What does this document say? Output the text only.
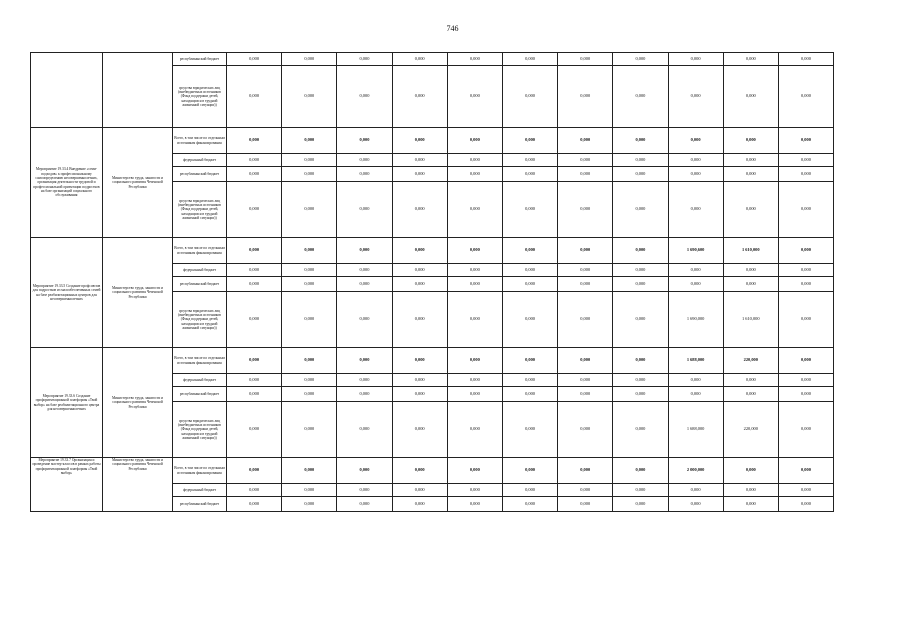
746
		республиканский бюджет	0,000	0,000	0,000	0,000	0,000	0,000	0,000	0,000	0,000	0,000	0,000
		средства юридических лиц (внебюджетных источников (Фонд поддержки детей, находящихся в трудной жизненной ситуации))	0,000	0,000	0,000	0,000	0,000	0,000	0,000	0,000	0,000	0,000	0,000
Мероприятие 19.33.4 Внедрение «семи-подходов» к профессиональному самоопределению несовершеннолетних, организация деятельности трудовой и профессиональной ориентации подростков на базе организаций социального обслуживания	Министерство труда, занятости и социального развития Чеченской Республики	Всего, в том числе по отдельным источникам финансирования	0,000	0,000	0,000	0,000	0,000	0,000	0,000	0,000	0,000	0,000	0,000
		федеральный бюджет	0,000	0,000	0,000	0,000	0,000	0,000	0,000	0,000	0,000	0,000	0,000
		республиканский бюджет	0,000	0,000	0,000	0,000	0,000	0,000	0,000	0,000	0,000	0,000	0,000
		средства юридических лиц (внебюджетных источников (Фонд поддержки детей, находящихся в трудной жизненной ситуации))	0,000	0,000	0,000	0,000	0,000	0,000	0,000	0,000	0,000	0,000	0,000
Мероприятие 19.33.5 Создание профсоюзов для подростков из малообеспеченных семей на базе реабилитационных центров для несовершеннолетних	Министерство труда, занятости и социального развития Чеченской Республики	Всего, в том числе по отдельным источникам финансирования	0,000	0,000	0,000	0,000	0,000	0,000	0,000	0,000	1 690,600	1 610,000	0,000
		федеральный бюджет	0,000	0,000	0,000	0,000	0,000	0,000	0,000	0,000	0,000	0,000	0,000
		республиканский бюджет	0,000	0,000	0,000	0,000	0,000	0,000	0,000	0,000	0,000	0,000	0,000
		средства юридических лиц (внебюджетных источников (Фонд поддержки детей, находящихся в трудной жизненной ситуации))	0,000	0,000	0,000	0,000	0,000	0,000	0,000	0,000	1 690,000	1 610,000	0,000
Мероприятие 19.33.6 Создание профориентационной платформы «Твой выбор» на базе реабилитационного центра для несовершеннолетних	Министерство труда, занятости и социального развития Чеченской Республики	Всего, в том числе по отдельным источникам финансирования	0,000	0,000	0,000	0,000	0,000	0,000	0,000	0,000	1 688,000	220,000	0,000
		федеральный бюджет	0,000	0,000	0,000	0,000	0,000	0,000	0,000	0,000	0,000	0,000	0,000
		республиканский бюджет	0,000	0,000	0,000	0,000	0,000	0,000	0,000	0,000	0,000	0,000	0,000
		средства юридических лиц (внебюджетных источников (Фонд поддержки детей, находящихся в трудной жизненной ситуации))	0,000	0,000	0,000	0,000	0,000	0,000	0,000	0,000	1 688,000	220,000	0,000
Мероприятие 19.33.7 Организация и проведение мастер-классов в рамках работы профориентационной платформы «Твой выбор»	Министерство труда, занятости и социального развития Чеченской Республики	Всего, в том числе по отдельным источникам финансирования	0,000	0,000	0,000	0,000	0,000	0,000	0,000	0,000	2 000,000	0,000	0,000
		федеральный бюджет	0,000	0,000	0,000	0,000	0,000	0,000	0,000	0,000	0,000	0,000	0,000
		республиканский бюджет	0,000	0,000	0,000	0,000	0,000	0,000	0,000	0,000	0,000	0,000	0,000
